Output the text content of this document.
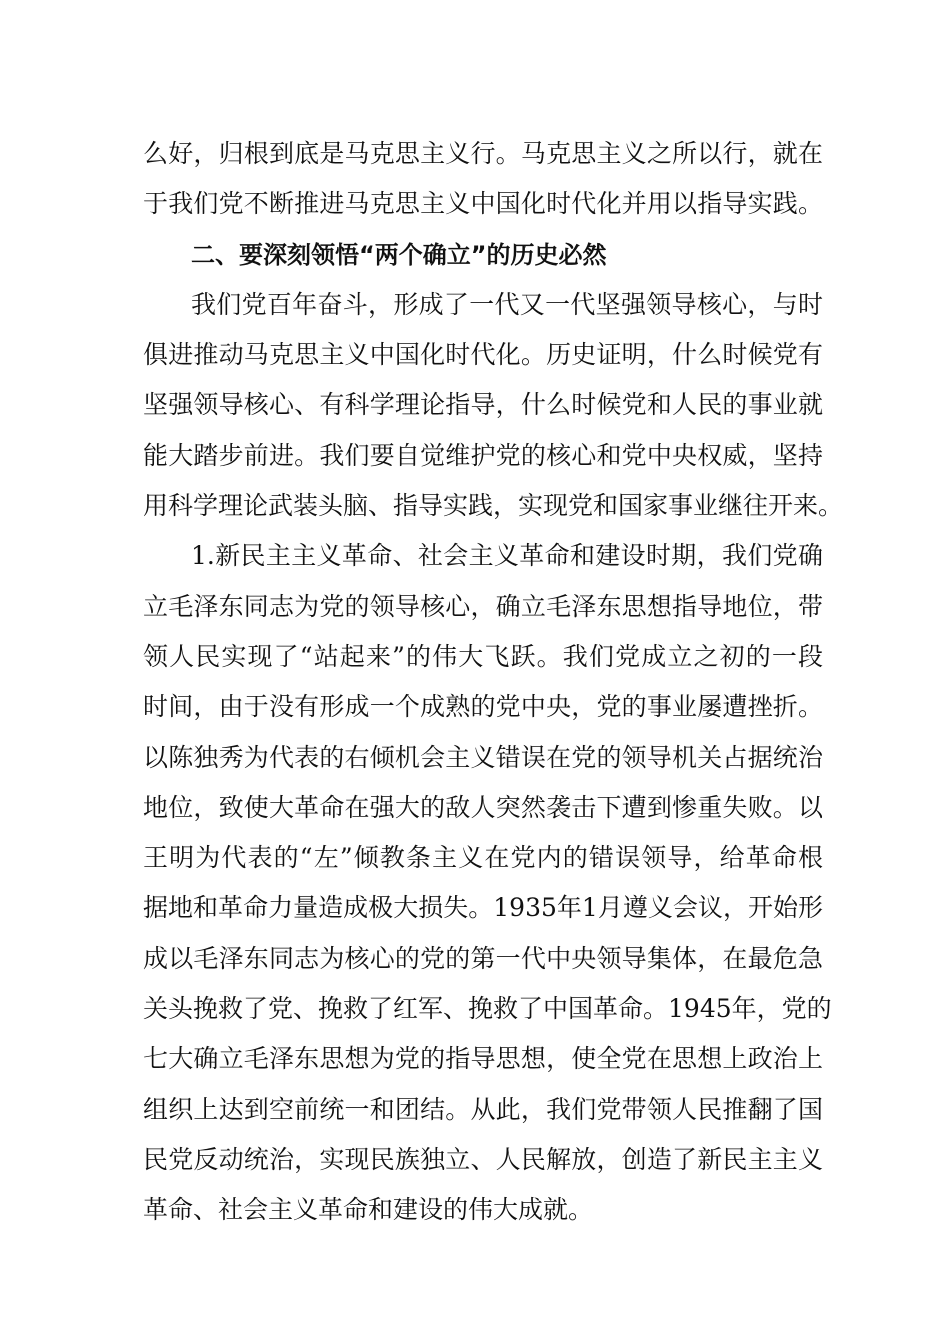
么好，归根到底是马克思主义行。马克思主义之所以行，就在
于我们党不断推进马克思主义中国化时代化并用以指导实践。
二、要深刻领悟“两个确立”的历史必然
我们党百年奋斗，形成了一代又一代坚强领导核心，与时
俱进推动马克思主义中国化时代化。历史证明，什么时候党有
坚强领导核心、有科学理论指导，什么时候党和人民的事业就
能大踏步前进。我们要自觉维护党的核心和党中央权威，坚持
用科学理论武装头脑、指导实践，实现党和国家事业继往开来。
1.新民主主义革命、社会主义革命和建设时期，我们党确
立毛泽东同志为党的领导核心，确立毛泽东思想指导地位，带
领人民实现了“站起来”的伟大飞跃。我们党成立之初的一段
时间，由于没有形成一个成熟的党中央，党的事业屡遭挫折。
以陈独秀为代表的右倾机会主义错误在党的领导机关占据统治
地位，致使大革命在强大的敌人突然袭击下遭到惨重失败。以
王明为代表的“左”倾教条主义在党内的错误领导，给革命根
据地和革命力量造成极大损失。1935年1月遵义会议，开始形
成以毛泽东同志为核心的党的第一代中央领导集体，在最危急
关头挽救了党、挽救了红军、挽救了中国革命。1945年，党的
七大确立毛泽东思想为党的指导思想，使全党在思想上政治上
组织上达到空前统一和团结。从此，我们党带领人民推翻了国
民党反动统治，实现民族独立、人民解放，创造了新民主主义
革命、社会主义革命和建设的伟大成就。
